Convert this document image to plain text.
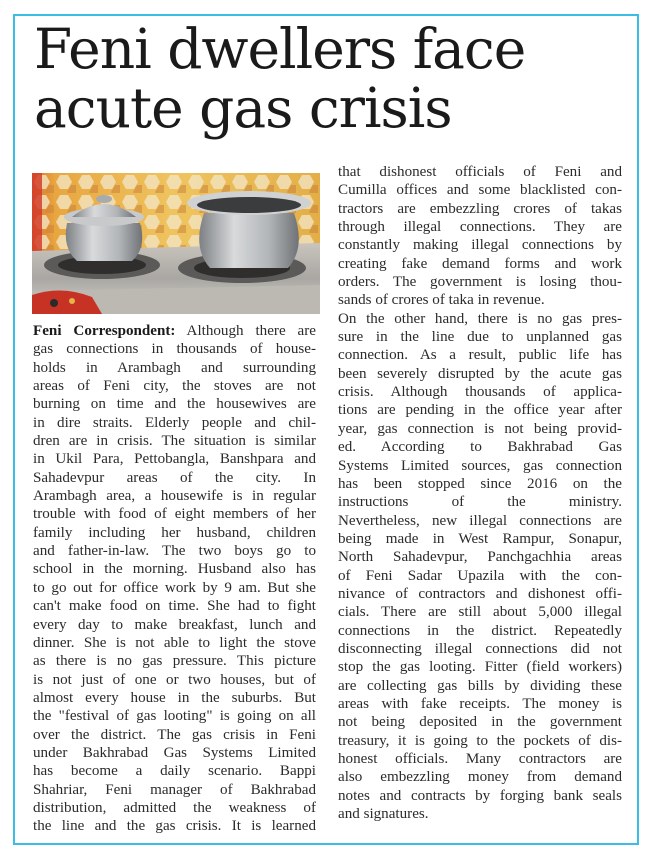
Feni dwellers face
acute gas crisis
Feni Correspondent: Although there are
gas connections in thousands of house-
holds in Arambagh and surrounding
areas of Feni city, the stoves are not
burning on time and the housewives are
in dire straits. Elderly people and chil-
dren are in crisis. The situation is similar
in Ukil Para, Pettobangla, Banshpara and
Sahadevpur areas of the city. In
Arambagh area, a housewife is in regular
trouble with food of eight members of her
family including her husband, children
and father-in-law. The two boys go to
school in the morning. Husband also has
to go out for office work by 9 am. But she
can't make food on time. She had to fight
every day to make breakfast, lunch and
dinner. She is not able to light the stove
as there is no gas pressure. This picture
is not just of one or two houses, but of
almost every house in the suburbs. But
the "festival of gas looting" is going on all
over the district. The gas crisis in Feni
under Bakhrabad Gas Systems Limited
has become a daily scenario. Bappi
Shahriar, Feni manager of Bakhrabad
distribution, admitted the weakness of
the line and the gas crisis. It is learned
that dishonest officials of Feni and
Cumilla offices and some blacklisted con-
tractors are embezzling crores of takas
through illegal connections. They are
constantly making illegal connections by
creating fake demand forms and work
orders. The government is losing thou-
sands of crores of taka in revenue.
On the other hand, there is no gas pres-
sure in the line due to unplanned gas
connection. As a result, public life has
been severely disrupted by the acute gas
crisis. Although thousands of applica-
tions are pending in the office year after
year, gas connection is not being provid-
ed. According to Bakhrabad Gas
Systems Limited sources, gas connection
has been stopped since 2016 on the
instructions of the ministry.
Nevertheless, new illegal connections are
being made in West Rampur, Sonapur,
North Sahadevpur, Panchgachhia areas
of Feni Sadar Upazila with the con-
nivance of contractors and dishonest offi-
cials. There are still about 5,000 illegal
connections in the district. Repeatedly
disconnecting illegal connections did not
stop the gas looting. Fitter (field workers)
are collecting gas bills by dividing these
areas with fake receipts. The money is
not being deposited in the government
treasury, it is going to the pockets of dis-
honest officials. Many contractors are
also embezzling money from demand
notes and contracts by forging bank seals
and signatures.
